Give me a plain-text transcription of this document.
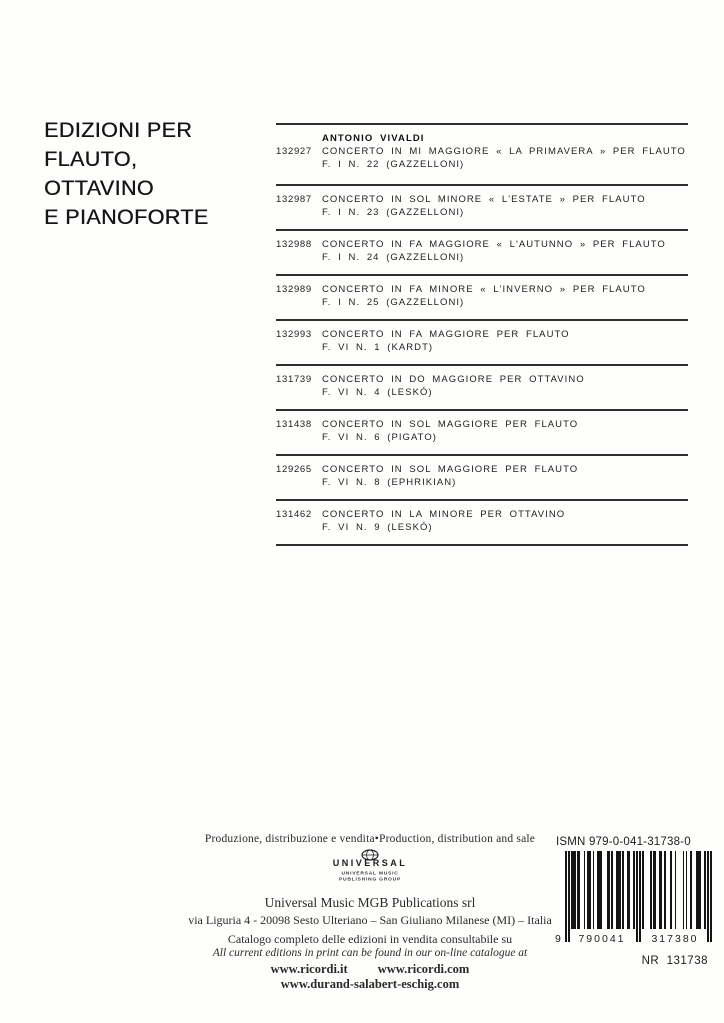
EDIZIONI PER
FLAUTO,
OTTAVINO
E PIANOFORTE
ANTONIO VIVALDI
132927	CONCERTO IN MI MAGGIORE « LA PRIMAVERA » PER FLAUTO
F. I N. 22 (GAZZELLONI)
132987	CONCERTO IN SOL MINORE « L'ESTATE » PER FLAUTO
F. I N. 23 (GAZZELLONI)
132988	CONCERTO IN FA MAGGIORE « L'AUTUNNO » PER FLAUTO
F. I N. 24 (GAZZELLONI)
132989	CONCERTO IN FA MINORE « L'INVERNO » PER FLAUTO
F. I N. 25 (GAZZELLONI)
132993	CONCERTO IN FA MAGGIORE PER FLAUTO
F. VI N. 1 (KARDT)
131739	CONCERTO IN DO MAGGIORE PER OTTAVINO
F. VI N. 4 (LESKÓ)
131438	CONCERTO IN SOL MAGGIORE PER FLAUTO
F. VI N. 6 (PIGATO)
129265	CONCERTO IN SOL MAGGIORE PER FLAUTO
F. VI N. 8 (EPHRIKIAN)
131462	CONCERTO IN LA MINORE PER OTTAVINO
F. VI N. 9 (LESKÓ)
Produzione, distribuzione e vendita•Production, distribution and sale
UNIVERSAL
UNIVERSAL MUSIC
PUBLISHING GROUP
Universal Music MGB Publications srl
via Liguria 4 - 20098 Sesto Ulteriano – San Giuliano Milanese (MI) – Italia
Catalogo completo delle edizioni in vendita consultabile su
All current editions in print can be found in our on-line catalogue at
www.ricordi.it www.ricordi.com
www.durand-salabert-eschig.com
ISMN 979-0-041-31738-0
9	790041	317380
NR  131738
